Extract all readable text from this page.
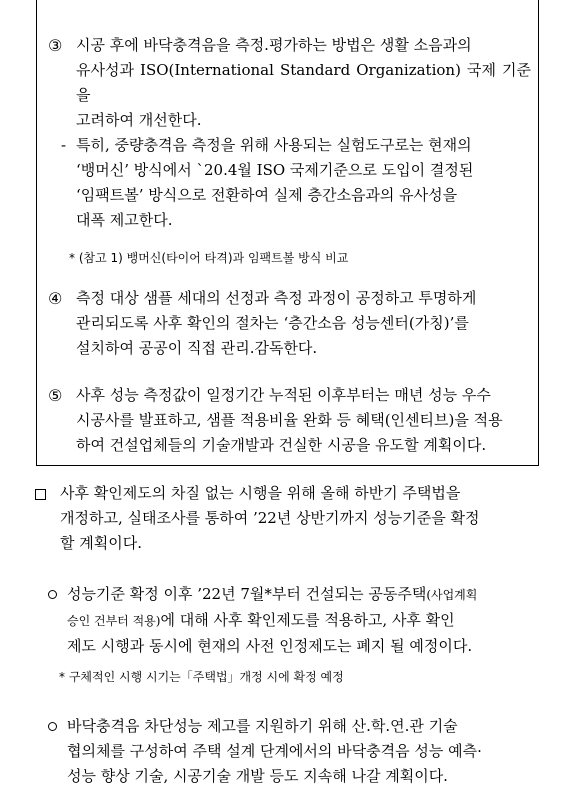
③ 시공 후에 바닥충격음을 측정.평가하는 방법은 생활 소음과의
유사성과 ISO(International Standard Organization) 국제 기준을
고려하여 개선한다.

- 특히, 중량충격음 측정을 위해 사용되는 실험도구로는 현재의
‘뱅머신’ 방식에서 `20.4월 ISO 국제기준으로 도입이 결정된
‘임팩트볼’ 방식으로 전환하여 실제 층간소음과의 유사성을
대폭 제고한다.

* (참고 1) 뱅머신(타이어 타격)과 임팩트볼 방식 비교
④ 측정 대상 샘플 세대의 선정과 측정 과정이 공정하고 투명하게
관리되도록 사후 확인의 절차는 ‘층간소음 성능센터(가칭)’를
설치하여 공공이 직접 관리.감독한다.

⑤ 사후 성능 측정값이 일정기간 누적된 이후부터는 매년 성능 우수
시공사를 발표하고, 샘플 적용비율 완화 등 혜택(인센티브)을 적용
하여 건설업체들의 기술개발과 건실한 시공을 유도할 계획이다.

사후 확인제도의 차질 없는 시행을 위해 올해 하반기 주택법을
개정하고, 실태조사를 통하여 ’22년 상반기까지 성능기준을 확정
할 계획이다.

성능기준 확정 이후 ’22년 7월*부터 건설되는 공동주택(사업계획
승인 건부터 적용)에 대해 사후 확인제도를 적용하고, 사후 확인
제도 시행과 동시에 현재의 사전 인정제도는 폐지 될 예정이다.

* 구체적인 시행 시기는「주택법」개정 시에 확정 예정

바닥충격음 차단성능 제고를 지원하기 위해 산.학.연.관 기술
협의체를 구성하여 주택 설계 단계에서의 바닥충격음 성능 예측·
성능 향상 기술, 시공기술 개발 등도 지속해 나갈 계획이다.
